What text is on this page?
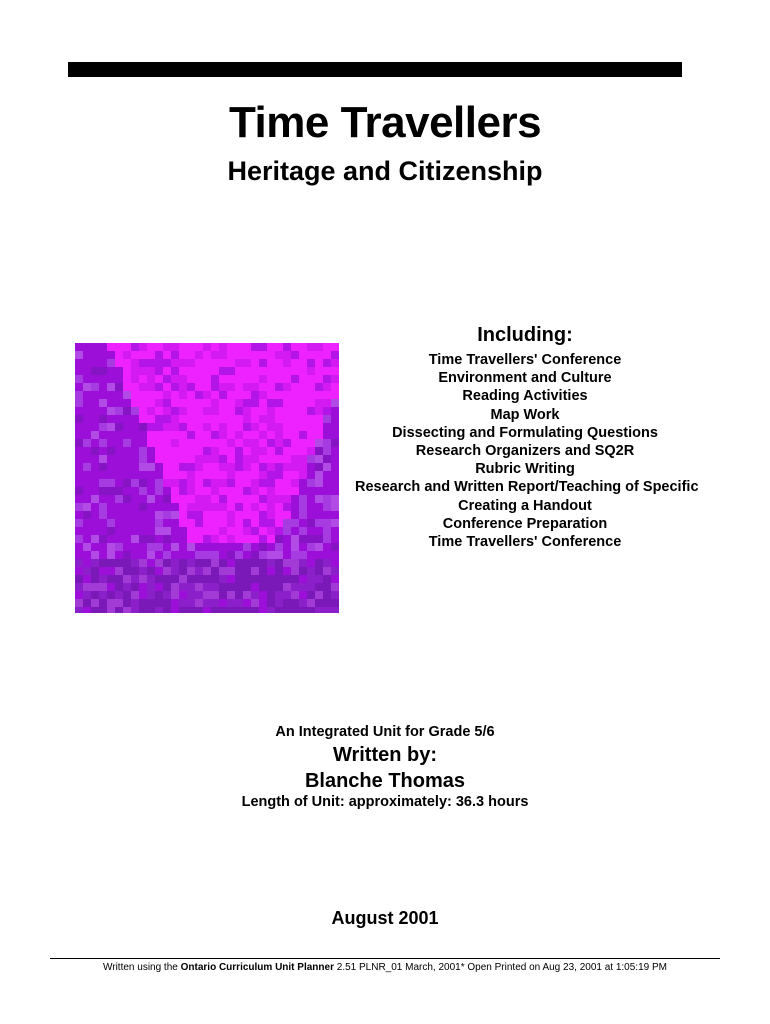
Time Travellers
Heritage and Citizenship
Including:
Time Travellers' Conference
Environment and Culture
Reading Activities
Map Work
Dissecting and Formulating Questions
Research Organizers and SQ2R
Rubric Writing
Research and Written Report/Teaching of Specific
Creating a Handout
Conference Preparation
Time Travellers' Conference
An Integrated Unit for Grade 5/6
Written by:
Blanche Thomas
Length of Unit: approximately: 36.3 hours
August 2001
Written using the Ontario Curriculum Unit Planner 2.51 PLNR_01 March, 2001* Open Printed on Aug 23, 2001 at 1:05:19 PM
